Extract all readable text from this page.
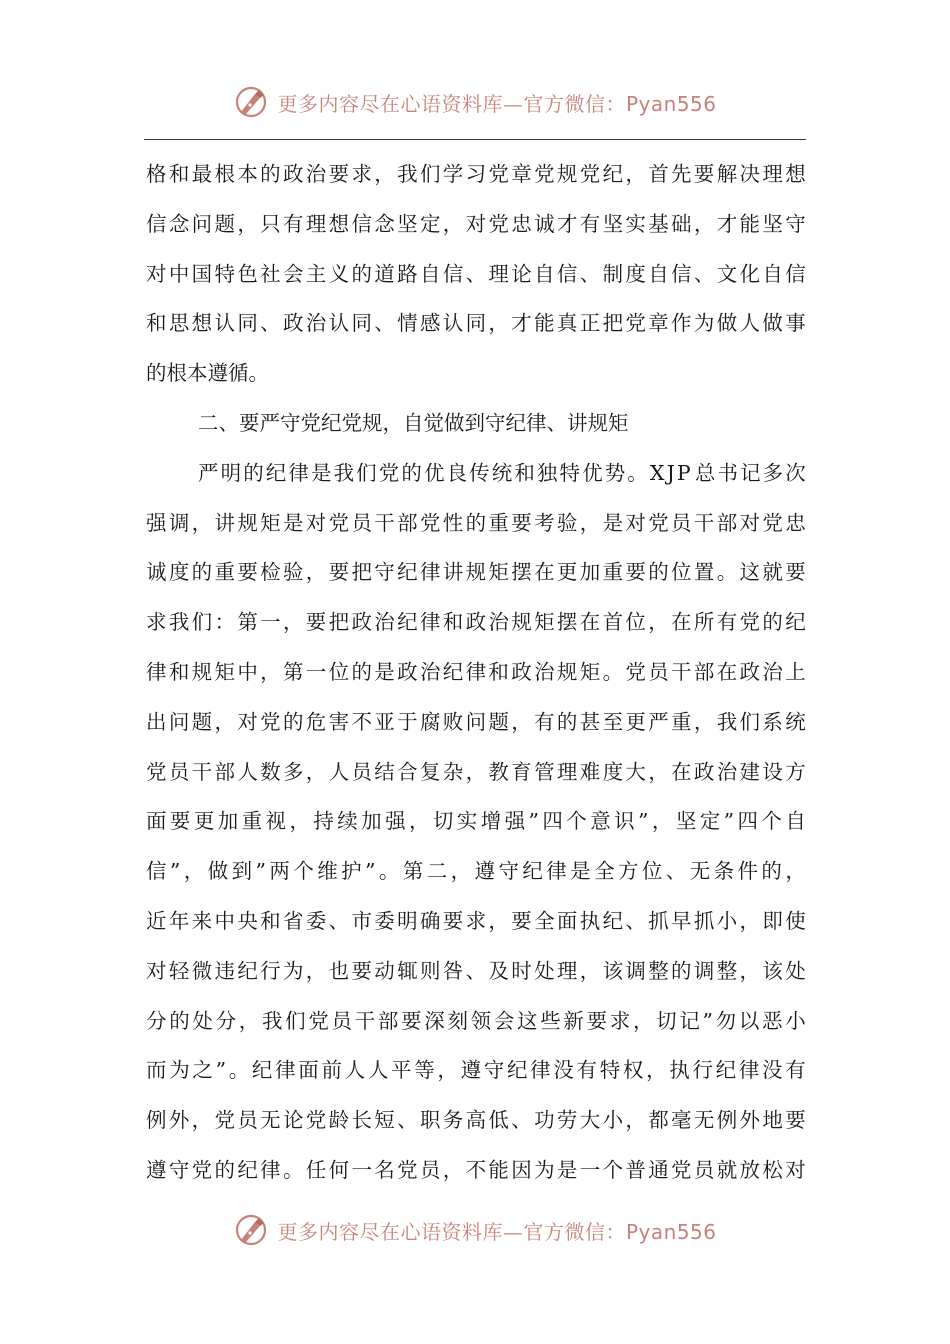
更多内容尽在心语资料库—官方微信：Pyan556
格 和 最 根 本 的 政 治 要 求 ， 我 们 学 习 党 章 党 规 党 纪 ， 首 先 要 解 决 理 想
信 念 问 题 ， 只 有 理 想 信 念 坚 定 ， 对 党 忠 诚 才 有 坚 实 基 础 ， 才 能 坚 守
对 中 国 特 色 社 会 主 义 的 道 路 自 信 、 理 论 自 信 、 制 度 自 信 、 文 化 自 信
和 思 想 认 同 、 政 治 认 同 、 情 感 认 同 ， 才 能 真 正 把 党 章 作 为 做 人 做 事
的根本遵循。
二、要严守党纪党规，自觉做到守纪律、讲规矩
严 明 的 纪 律 是 我 们 党 的 优 良 传 统 和 独 特 优 势 。 X J P 总 书 记 多 次
强 调 ， 讲 规 矩 是 对 党 员 干 部 党 性 的 重 要 考 验 ， 是 对 党 员 干 部 对 党 忠
诚 度 的 重 要 检 验 ， 要 把 守 纪 律 讲 规 矩 摆 在 更 加 重 要 的 位 置 。 这 就 要
求 我 们 ： 第 一 ， 要 把 政 治 纪 律 和 政 治 规 矩 摆 在 首 位 ， 在 所 有 党 的 纪
律 和 规 矩 中 ， 第 一 位 的 是 政 治 纪 律 和 政 治 规 矩 。 党 员 干 部 在 政 治 上
出 问 题 ， 对 党 的 危 害 不 亚 于 腐 败 问 题 ， 有 的 甚 至 更 严 重 ， 我 们 系 统
党 员 干 部 人 数 多 ， 人 员 结 合 复 杂 ， 教 育 管 理 难 度 大 ， 在 政 治 建 设 方
面 要 更 加 重 视 ， 持 续 加 强 ， 切 实 增 强 ” 四 个 意 识 ” ， 坚 定 ” 四 个 自
信 ” ， 做 到 ” 两 个 维 护 ” 。 第 二 ， 遵 守 纪 律 是 全 方 位 、 无 条 件 的 ，
近 年 来 中 央 和 省 委 、 市 委 明 确 要 求 ， 要 全 面 执 纪 、 抓 早 抓 小 ， 即 使
对 轻 微 违 纪 行 为 ， 也 要 动 辄 则 咎 、 及 时 处 理 ， 该 调 整 的 调 整 ， 该 处
分 的 处 分 ， 我 们 党 员 干 部 要 深 刻 领 会 这 些 新 要 求 ， 切 记 ” 勿 以 恶 小
而 为 之 ” 。 纪 律 面 前 人 人 平 等 ， 遵 守 纪 律 没 有 特 权 ， 执 行 纪 律 没 有
例 外 ， 党 员 无 论 党 龄 长 短 、 职 务 高 低 、 功 劳 大 小 ， 都 毫 无 例 外 地 要
遵 守 党 的 纪 律 。 任 何 一 名 党 员 ， 不 能 因 为 是 一 个 普 通 党 员 就 放 松 对
更多内容尽在心语资料库—官方微信：Pyan556
